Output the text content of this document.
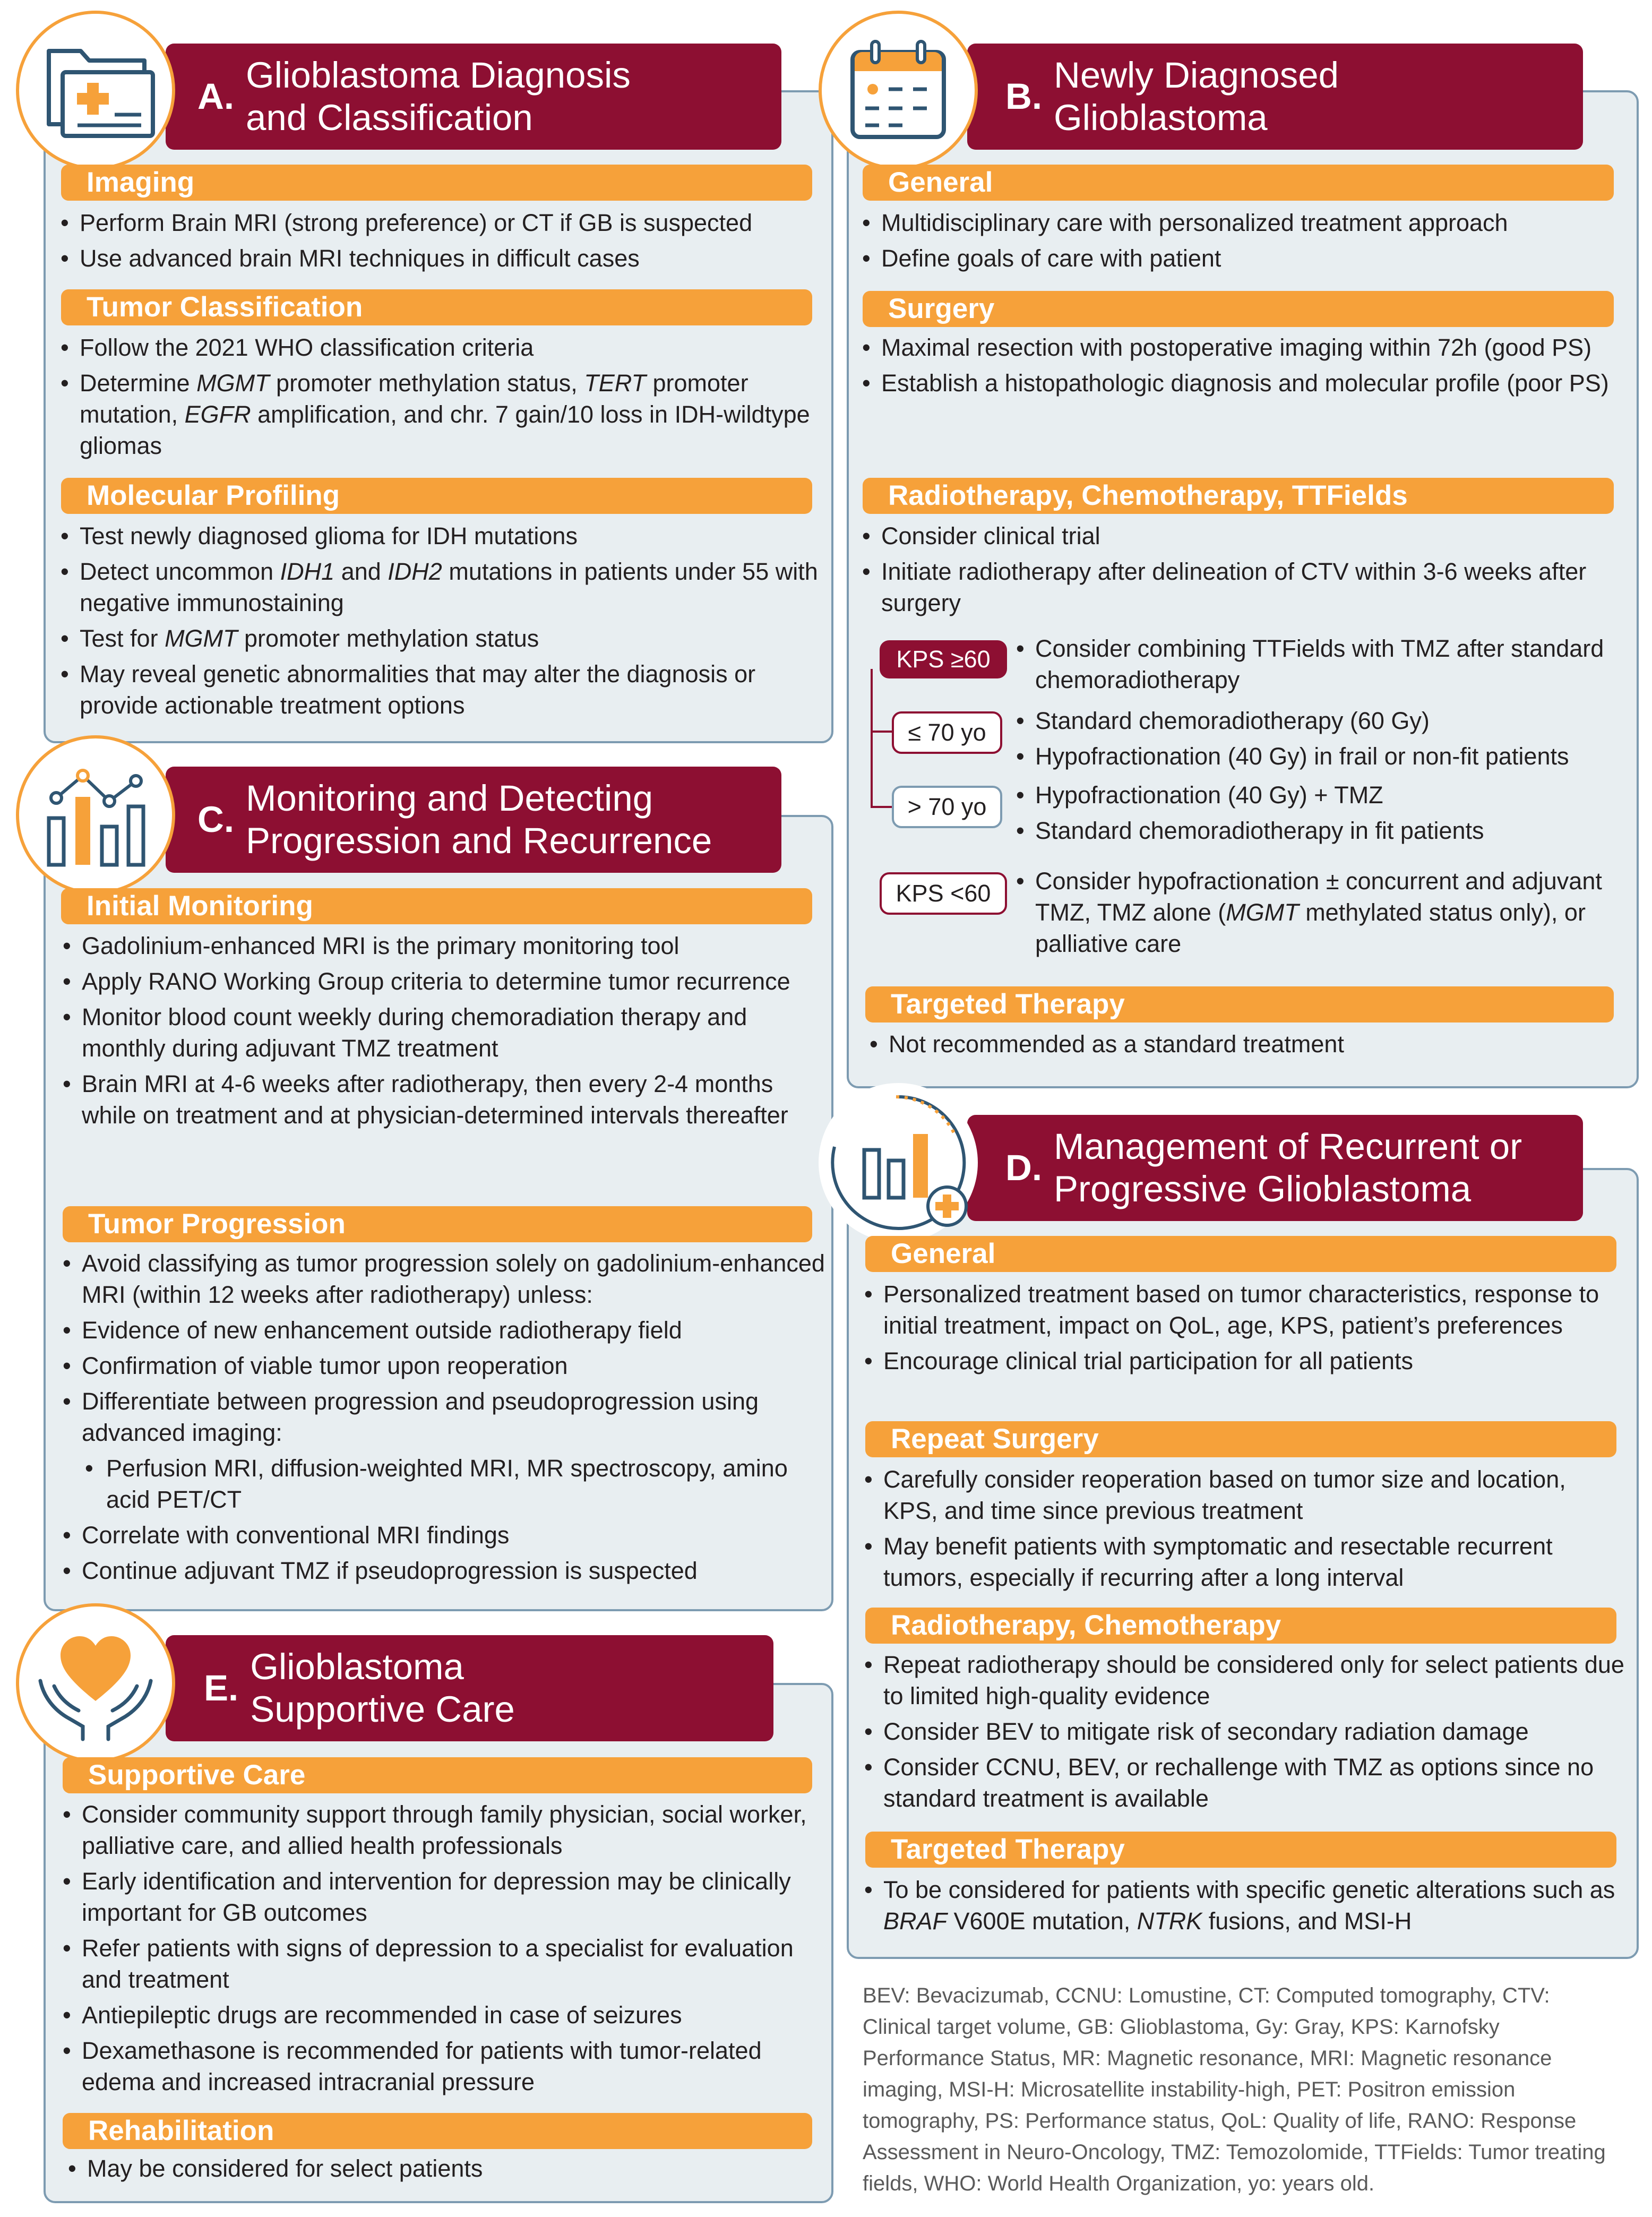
A.
Glioblastoma Diagnosis
and Classification
Imaging
• Perform Brain MRI (strong preference) or CT if GB is suspected
• Use advanced brain MRI techniques in difficult cases
Tumor Classification
• Follow the 2021 WHO classification criteria
• Determine MGMT promoter methylation status, TERT promoter mutation, EGFR amplification, and chr. 7 gain/10 loss in IDH-wildtype gliomas
Molecular Profiling
• Test newly diagnosed glioma for IDH mutations
• Detect uncommon IDH1 and IDH2 mutations in patients under 55 with negative immunostaining
• Test for MGMT promoter methylation status
• May reveal genetic abnormalities that may alter the diagnosis or provide actionable treatment options
B.
Newly Diagnosed
Glioblastoma
General
• Multidisciplinary care with personalized treatment approach
• Define goals of care with patient
Surgery
• Maximal resection with postoperative imaging within 72h (good PS)
• Establish a histopathologic diagnosis and molecular profile (poor PS)
Radiotherapy, Chemotherapy, TTFields
• Consider clinical trial
• Initiate radiotherapy after delineation of CTV within 3-6 weeks after surgery
KPS ≥60	• Consider combining TTFields with TMZ after standard chemoradiotherapy
≤ 70 yo	• Standard chemoradiotherapy (60 Gy)
• Hypofractionation (40 Gy) in frail or non-fit patients
> 70 yo	• Hypofractionation (40 Gy) + TMZ
• Standard chemoradiotherapy in fit patients
KPS <60	• Consider hypofractionation ± concurrent and adjuvant TMZ, TMZ alone (MGMT methylated status only), or palliative care
Targeted Therapy
• Not recommended as a standard treatment
C.
Monitoring and Detecting
Progression and Recurrence
Initial Monitoring
• Gadolinium-enhanced MRI is the primary monitoring tool
• Apply RANO Working Group criteria to determine tumor recurrence
• Monitor blood count weekly during chemoradiation therapy and monthly during adjuvant TMZ treatment
• Brain MRI at 4-6 weeks after radiotherapy, then every 2-4 months while on treatment and at physician-determined intervals thereafter
Tumor Progression
• Avoid classifying as tumor progression solely on gadolinium-enhanced MRI (within 12 weeks after radiotherapy) unless:
• Evidence of new enhancement outside radiotherapy field
• Confirmation of viable tumor upon reoperation
• Differentiate between progression and pseudoprogression using advanced imaging:
• Perfusion MRI, diffusion-weighted MRI, MR spectroscopy, amino acid PET/CT
• Correlate with conventional MRI findings
• Continue adjuvant TMZ if pseudoprogression is suspected
D.
Management of Recurrent or
Progressive Glioblastoma
General
• Personalized treatment based on tumor characteristics, response to initial treatment, impact on QoL, age, KPS, patient’s preferences
• Encourage clinical trial participation for all patients
Repeat Surgery
• Carefully consider reoperation based on tumor size and location, KPS, and time since previous treatment
• May benefit patients with symptomatic and resectable recurrent tumors, especially if recurring after a long interval
Radiotherapy, Chemotherapy
• Repeat radiotherapy should be considered only for select patients due to limited high-quality evidence
• Consider BEV to mitigate risk of secondary radiation damage
• Consider CCNU, BEV, or rechallenge with TMZ as options since no standard treatment is available
Targeted Therapy
• To be considered for patients with specific genetic alterations such as BRAF V600E mutation, NTRK fusions, and MSI-H
E.
Glioblastoma
Supportive Care
Supportive Care
• Consider community support through family physician, social worker, palliative care, and allied health professionals
• Early identification and intervention for depression may be clinically important for GB outcomes
• Refer patients with signs of depression to a specialist for evaluation and treatment
• Antiepileptic drugs are recommended in case of seizures
• Dexamethasone is recommended for patients with tumor-related edema and increased intracranial pressure
Rehabilitation
• May be considered for select patients
BEV: Bevacizumab, CCNU: Lomustine, CT: Computed tomography, CTV: Clinical target volume, GB: Glioblastoma, Gy: Gray, KPS: Karnofsky Performance Status, MR: Magnetic resonance, MRI: Magnetic resonance imaging, MSI-H: Microsatellite instability-high, PET: Positron emission tomography, PS: Performance status, QoL: Quality of life, RANO: Response Assessment in Neuro-Oncology, TMZ: Temozolomide, TTFields: Tumor treating fields, WHO: World Health Organization, yo: years old.
